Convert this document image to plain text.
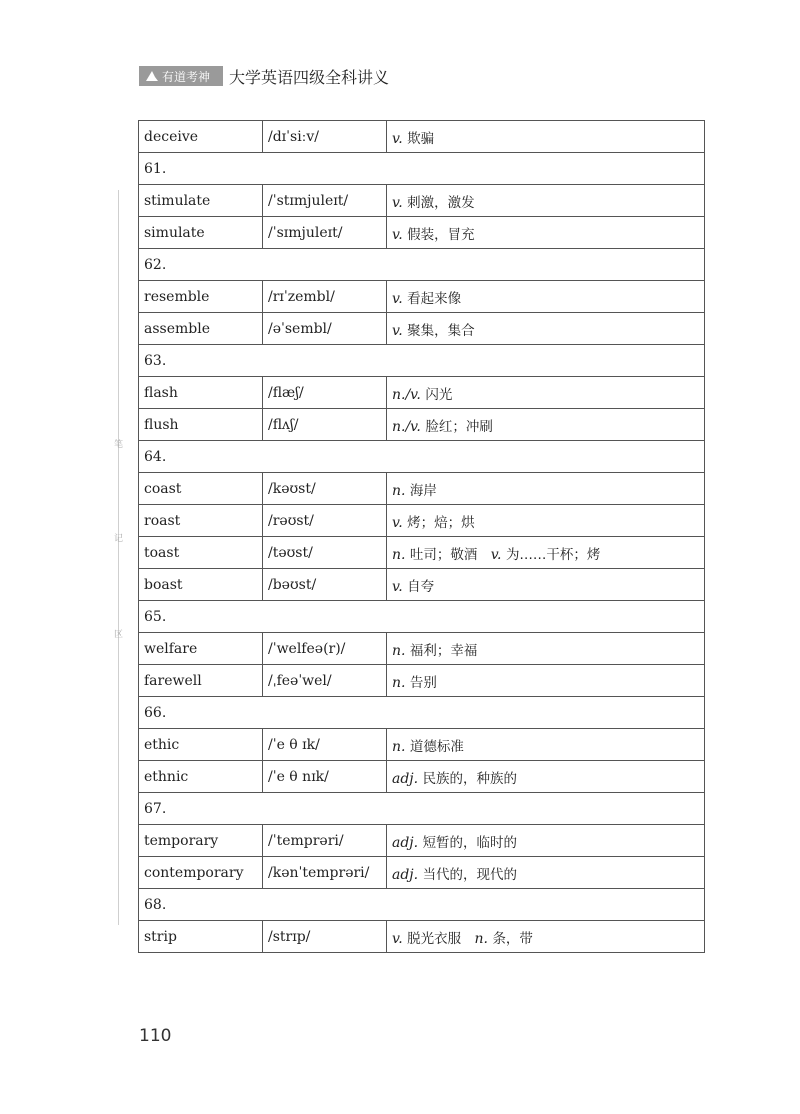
有道考神 大学英语四级全科讲义
笔
记
区
deceive	/dɪˈsiːv/	v. 欺骗
61.		
stimulate	/ˈstɪmjuleɪt/	v. 刺激，激发
simulate	/ˈsɪmjuleɪt/	v. 假装，冒充
62.		
resemble	/rɪˈzembl/	v. 看起来像
assemble	/əˈsembl/	v. 聚集，集合
63.		
flash	/flæʃ/	n./v. 闪光
flush	/flʌʃ/	n./v. 脸红；冲刷
64.		
coast	/kəʊst/	n. 海岸
roast	/rəʊst/	v. 烤；焙；烘
toast	/təʊst/	n. 吐司；敬酒 v. 为……干杯；烤
boast	/bəʊst/	v. 自夸
65.		
welfare	/ˈwelfeə(r)/	n. 福利；幸福
farewell	/ˌfeəˈwel/	n. 告别
66.		
ethic	/ˈe θ ɪk/	n. 道德标准
ethnic	/ˈe θ nɪk/	adj. 民族的，种族的
67.		
temporary	/ˈtemprəri/	adj. 短暂的，临时的
contemporary	/kənˈtemprəri/	adj. 当代的，现代的
68.		
strip	/strɪp/	v. 脱光衣服 n. 条，带
110
